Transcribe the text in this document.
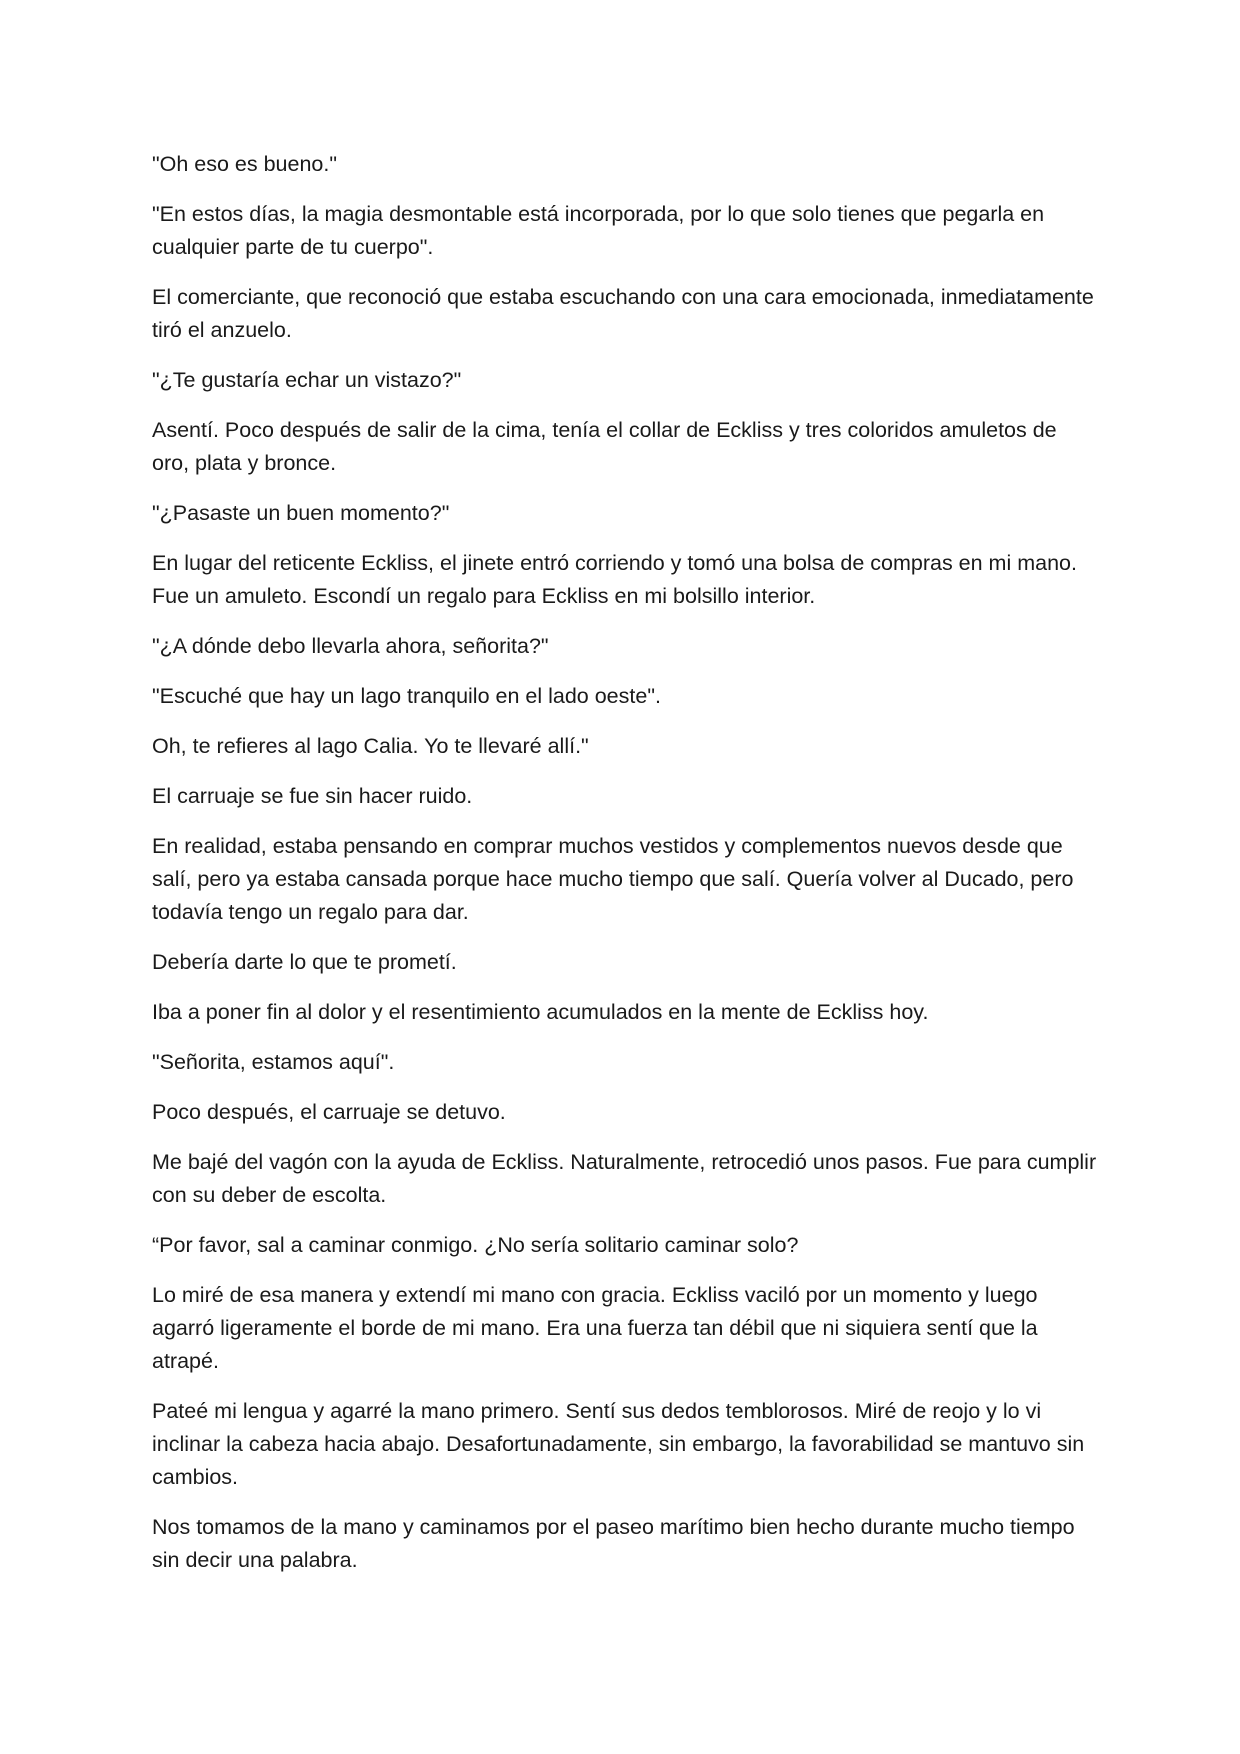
"Oh eso es bueno."

"En estos días, la magia desmontable está incorporada, por lo que solo tienes que pegarla en cualquier parte de tu cuerpo".

El comerciante, que reconoció que estaba escuchando con una cara emocionada, inmediatamente tiró el anzuelo.

"¿Te gustaría echar un vistazo?"

Asentí. Poco después de salir de la cima, tenía el collar de Eckliss y tres coloridos amuletos de oro, plata y bronce.

"¿Pasaste un buen momento?"

En lugar del reticente Eckliss, el jinete entró corriendo y tomó una bolsa de compras en mi mano. Fue un amuleto. Escondí un regalo para Eckliss en mi bolsillo interior.

"¿A dónde debo llevarla ahora, señorita?"

"Escuché que hay un lago tranquilo en el lado oeste".

Oh, te refieres al lago Calia. Yo te llevaré allí."

El carruaje se fue sin hacer ruido.

En realidad, estaba pensando en comprar muchos vestidos y complementos nuevos desde que salí, pero ya estaba cansada porque hace mucho tiempo que salí. Quería volver al Ducado, pero todavía tengo un regalo para dar.

Debería darte lo que te prometí.

Iba a poner fin al dolor y el resentimiento acumulados en la mente de Eckliss hoy.

"Señorita, estamos aquí".

Poco después, el carruaje se detuvo.

Me bajé del vagón con la ayuda de Eckliss. Naturalmente, retrocedió unos pasos. Fue para cumplir con su deber de escolta.

“Por favor, sal a caminar conmigo. ¿No sería solitario caminar solo?

Lo miré de esa manera y extendí mi mano con gracia. Eckliss vaciló por un momento y luego agarró ligeramente el borde de mi mano. Era una fuerza tan débil que ni siquiera sentí que la atrapé.

Pateé mi lengua y agarré la mano primero. Sentí sus dedos temblorosos. Miré de reojo y lo vi inclinar la cabeza hacia abajo. Desafortunadamente, sin embargo, la favorabilidad se mantuvo sin cambios.

Nos tomamos de la mano y caminamos por el paseo marítimo bien hecho durante mucho tiempo sin decir una palabra.
